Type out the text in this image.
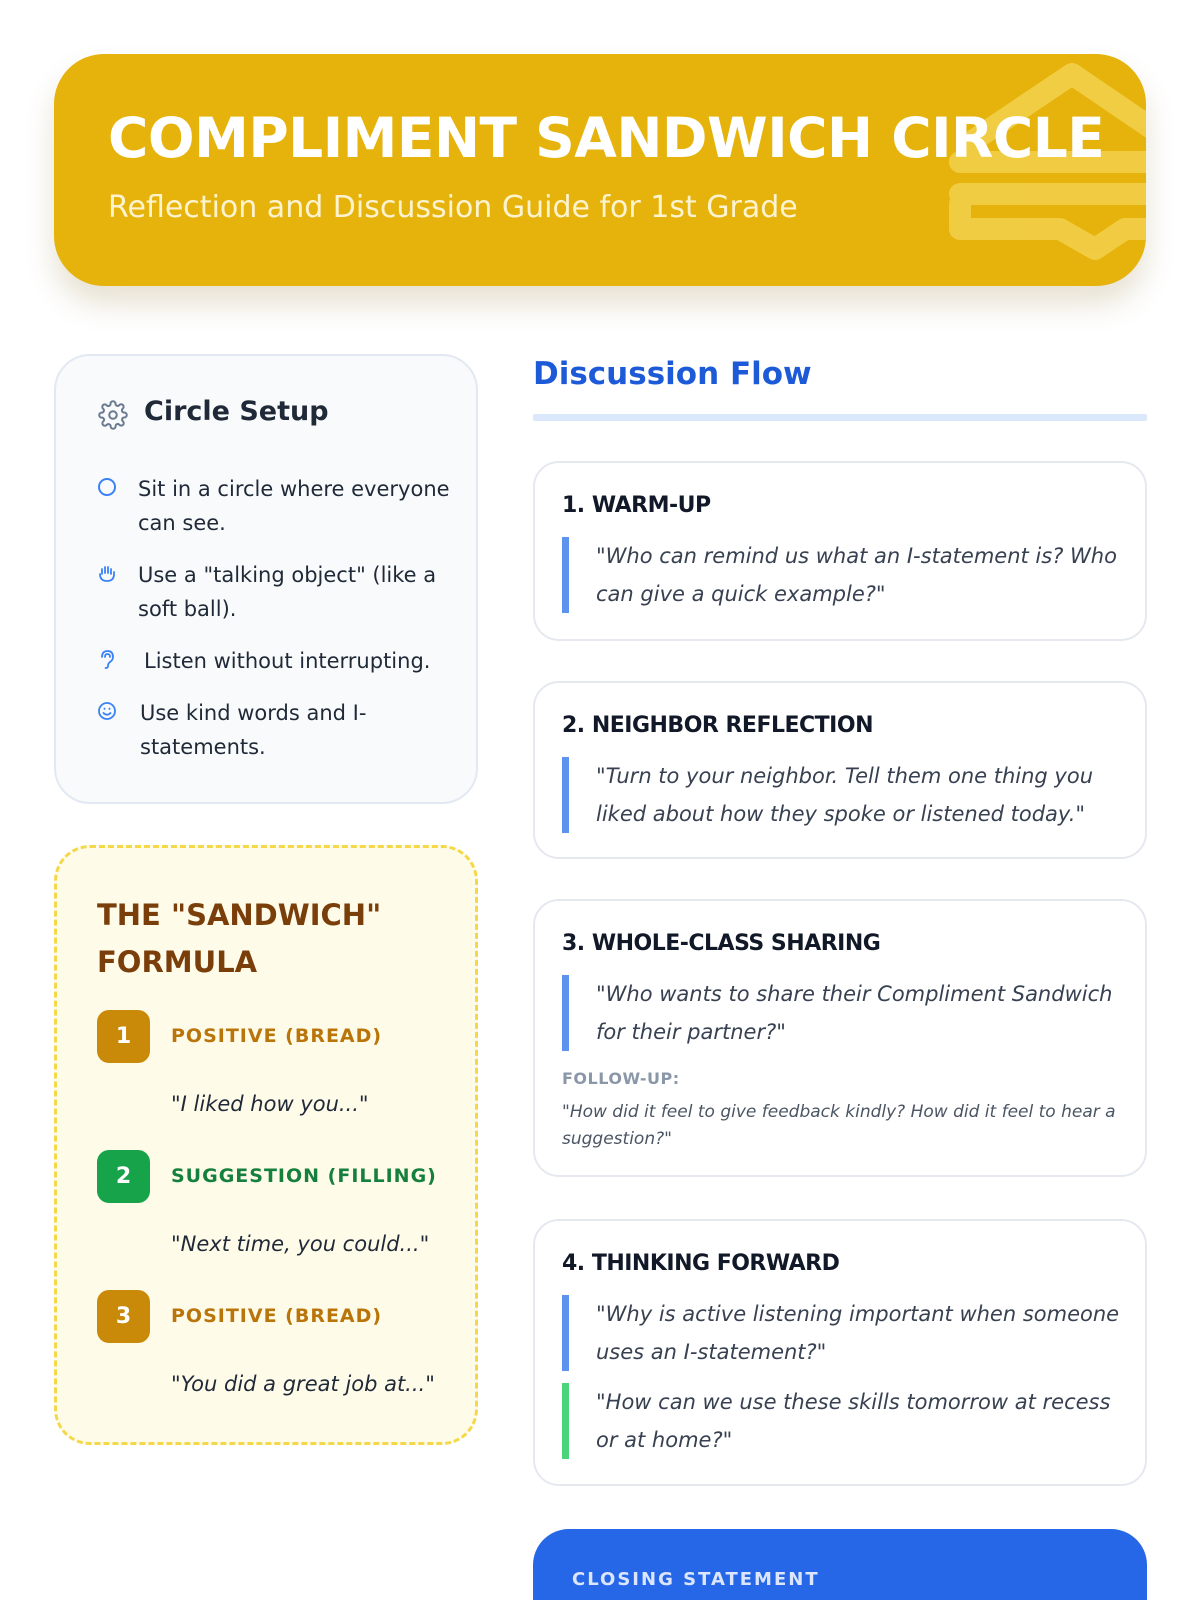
COMPLIMENT SANDWICH CIRCLE
Reflection and Discussion Guide for 1st Grade
Circle Setup
Sit in a circle where everyone can see.
Use a "talking object" (like a soft ball).
Listen without interrupting.
Use kind words and I-statements.
THE "SANDWICH" FORMULA
1	POSITIVE (BREAD)
"I liked how you..."
2	SUGGESTION (FILLING)
"Next time, you could..."
3	POSITIVE (BREAD)
"You did a great job at..."
Discussion Flow
1. WARM-UP
"Who can remind us what an I-statement is? Who can give a quick example?"
2. NEIGHBOR REFLECTION
"Turn to your neighbor. Tell them one thing you liked about how they spoke or listened today."
3. WHOLE-CLASS SHARING
"Who wants to share their Compliment Sandwich for their partner?"
FOLLOW-UP:
"How did it feel to give feedback kindly? How did it feel to hear a suggestion?"
4. THINKING FORWARD
"Why is active listening important when someone uses an I-statement?"
"How can we use these skills tomorrow at recess or at home?"
CLOSING STATEMENT
